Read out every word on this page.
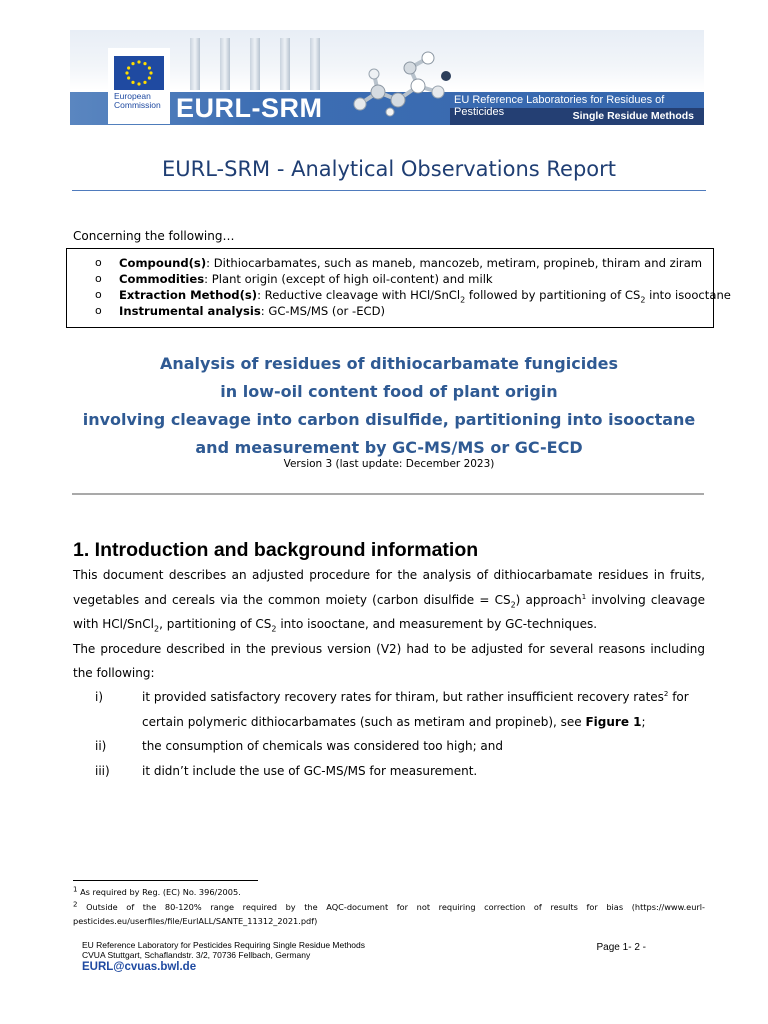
European
Commission EURL-SRM	EU Reference Laboratories for Residues of Pesticides	Single Residue Methods
EURL-SRM - Analytical Observations Report
Concerning the following…
o Compound(s): Dithiocarbamates, such as maneb, mancozeb, metiram, propineb, thiram and ziram
o Commodities: Plant origin (except of high oil-content) and milk
o Extraction Method(s): Reductive cleavage with HCl/SnCl$_2$ followed by partitioning of $CS_2$ into isooctane
o Instrumental analysis: GC-MS/MS (or -ECD)
Analysis of residues of dithiocarbamate fungicides
in low-oil content food of plant origin
involving cleavage into carbon disulfide, partitioning into isooctane
and measurement by GC-MS/MS or GC-ECD
Version 3 (last update: December 2023)
1. Introduction and background information

This document describes an adjusted procedure for the analysis of dithiocarbamate residues in fruits, vegetables and cereals via the common moiety (carbon disulfide = $CS_2$) approach$^1$ involving cleavage with HCl/SnCl$_2$, partitioning of $CS_2$ into isooctane, and measurement by GC-techniques.

The procedure described in the previous version (V2) had to be adjusted for several reasons including the following:

i)	it provided satisfactory recovery rates for thiram, but rather insufficient recovery rates$^2$ for certain polymeric dithiocarbamates (such as metiram and propineb), see Figure 1;
ii)	the consumption of chemicals was considered too high; and
iii)	it didn’t include the use of GC-MS/MS for measurement.
$^1$ As required by Reg. (EC) No. 396/2005.
$^2$ Outside of the 80-120% range required by the AQC-document for not requiring correction of results for bias (https://www.eurl-pesticides.eu/userfiles/file/EurlALL/SANTE_11312_2021.pdf)
EU Reference Laboratory for Pesticides Requiring Single Residue Methods
CVUA Stuttgart, Schaflandstr. 3/2, 70736 Fellbach, Germany
EURL@cvuas.bwl.de
Page 1- 2 -
